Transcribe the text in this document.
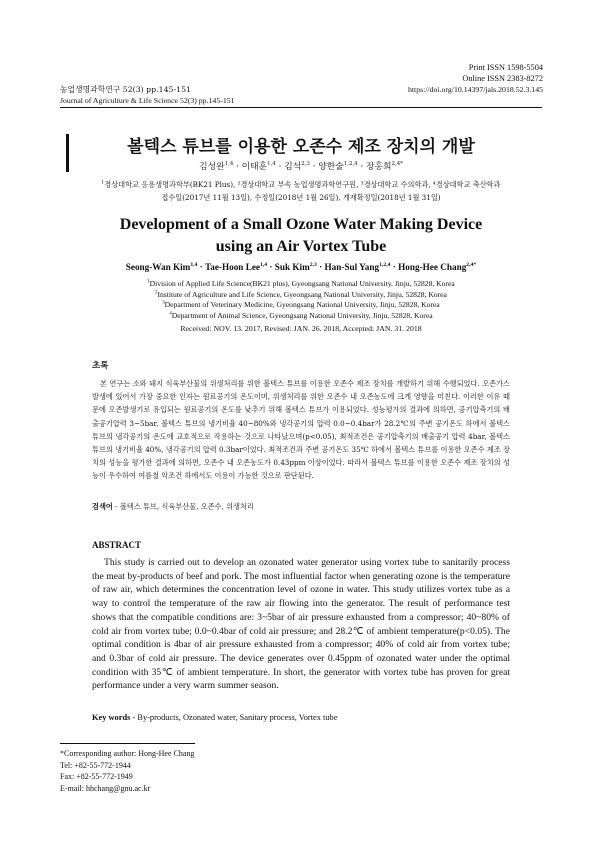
Print ISSN 1598-5504
Online ISSN 2383-8272
농업생명과학연구 52(3) pp.145-151
Journal of Agriculture & Life Science 52(3) pp.145-151
https://doi.org/10.14397/jals.2018.52.3.145
볼텍스 튜브를 이용한 오존수 제조 장치의 개발
김성완$^{1,4}$ · 이태훈$^{1,4}$ · 김석$^{2,3}$ · 양한술$^{1,2,4}$ · 장홍희$^{2,4*}$
$^1$경상대학교 응용생명과학부(BK21 Plus), ²경상대학교 부속 농업생명과학연구원, ³경상대학교 수의학과, ⁴경상대학교 축산학과
접수일(2017년 11월 13일), 수정일(2018년 1월 26일), 게재확정일(2018년 1월 31일)
Development of a Small Ozone Water Making Device
using an Air Vortex Tube
Seong-Wan Kim$^{1,4}$ · Tae-Hoon Lee$^{1,4}$ · Suk Kim$^{2,3}$ · Han-Sul Yang$^{1,2,4}$ · Hong-Hee Chang$^{2,4*}$
$^1$Division of Applied Life Science(BK21 plus), Gyeongsang National University, Jinju, 52828, Korea
$^2$Institute of Agriculture and Life Science, Gyeongsang National University, Jinju, 52828, Korea
$^3$Department of Veterinary Medicine, Gyeongsang National University, Jinju, 52828, Korea
$^4$Department of Animal Science, Gyeongsang National University, Jinju, 52828, Korea
Received: NOV. 13. 2017, Revised: JAN. 26. 2018, Accepted: JAN. 31. 2018
초록
본 연구는 소와 돼지 식육부산물의 위생처리를 위한 볼텍스 튜브를 이용한 오존수 제조 장치를 개발하기 위해 수행되었다. 오존가스발생에 있어서 가장 중요한 인자는 원료공기의 온도이며, 위생처리를 위한 오존수 내 오존농도에 크게 영향을 미친다. 이러한 이유 때문에 오존발생기로 유입되는 원료공기의 온도를 낮추기 위해 볼텍스 튜브가 이용되었다. 성능평가의 결과에 의하면, 공기압축기의 배출공기압력 3~5bar, 볼텍스 튜브의 냉기비율 40~80%와 냉각공기의 압력 0.0~0.4bar가 28.2℃의 주변 공기온도 하에서 볼텍스 튜브의 냉각공기의 온도에 교호적으로 작용하는 것으로 나타났으며(p<0.05), 최적조건은 공기압축기의 배출공기 압력 4bar, 볼텍스 튜브의 냉기비율 40%, 냉각공기의 압력 0.3bar이었다. 최적조건과 주변 공기온도 35℃ 하에서 볼텍스 튜브를 이용한 오존수 제조 장치의 성능을 평가한 결과에 의하면, 오존수 내 오존농도가 0.43ppm 이상이었다. 따라서 볼텍스 튜브를 이용한 오존수 제조 장치의 성능이 우수하여 여름철 악조건 하에서도 이용이 가능한 것으로 판단된다.
검색어 - 볼텍스 튜브, 식육부산물, 오존수, 위생처리
ABSTRACT
This study is carried out to develop an ozonated water generator using vortex tube to sanitarily process the meat by-products of beef and pork. The most influential factor when generating ozone is the temperature of raw air, which determines the concentration level of ozone in water. This study utilizes vortex tube as a way to control the temperature of the raw air flowing into the generator. The result of performance test shows that the compatible conditions are: 3~5bar of air pressure exhausted from a compressor; 40~80% of cold air from vortex tube; 0.0~0.4bar of cold air pressure; and 28.2℃ of ambient temperature(p<0.05). The optimal condition is 4bar of air pressure exhausted from a compressor; 40% of cold air from vortex tube; and 0.3bar of cold air pressure. The device generates over 0.45ppm of ozonated water under the optimal condition with 35℃ of ambient temperature. In short, the generator with vortex tube has proven for great performance under a very warm summer season.
Key words - By-products, Ozonated water, Sanitary process, Vortex tube
*Corresponding author: Hong-Hee Chang
Tel: +82-55-772-1944
Fax: +82-55-772-1949
E-mail: hhchang@gnu.ac.kr
